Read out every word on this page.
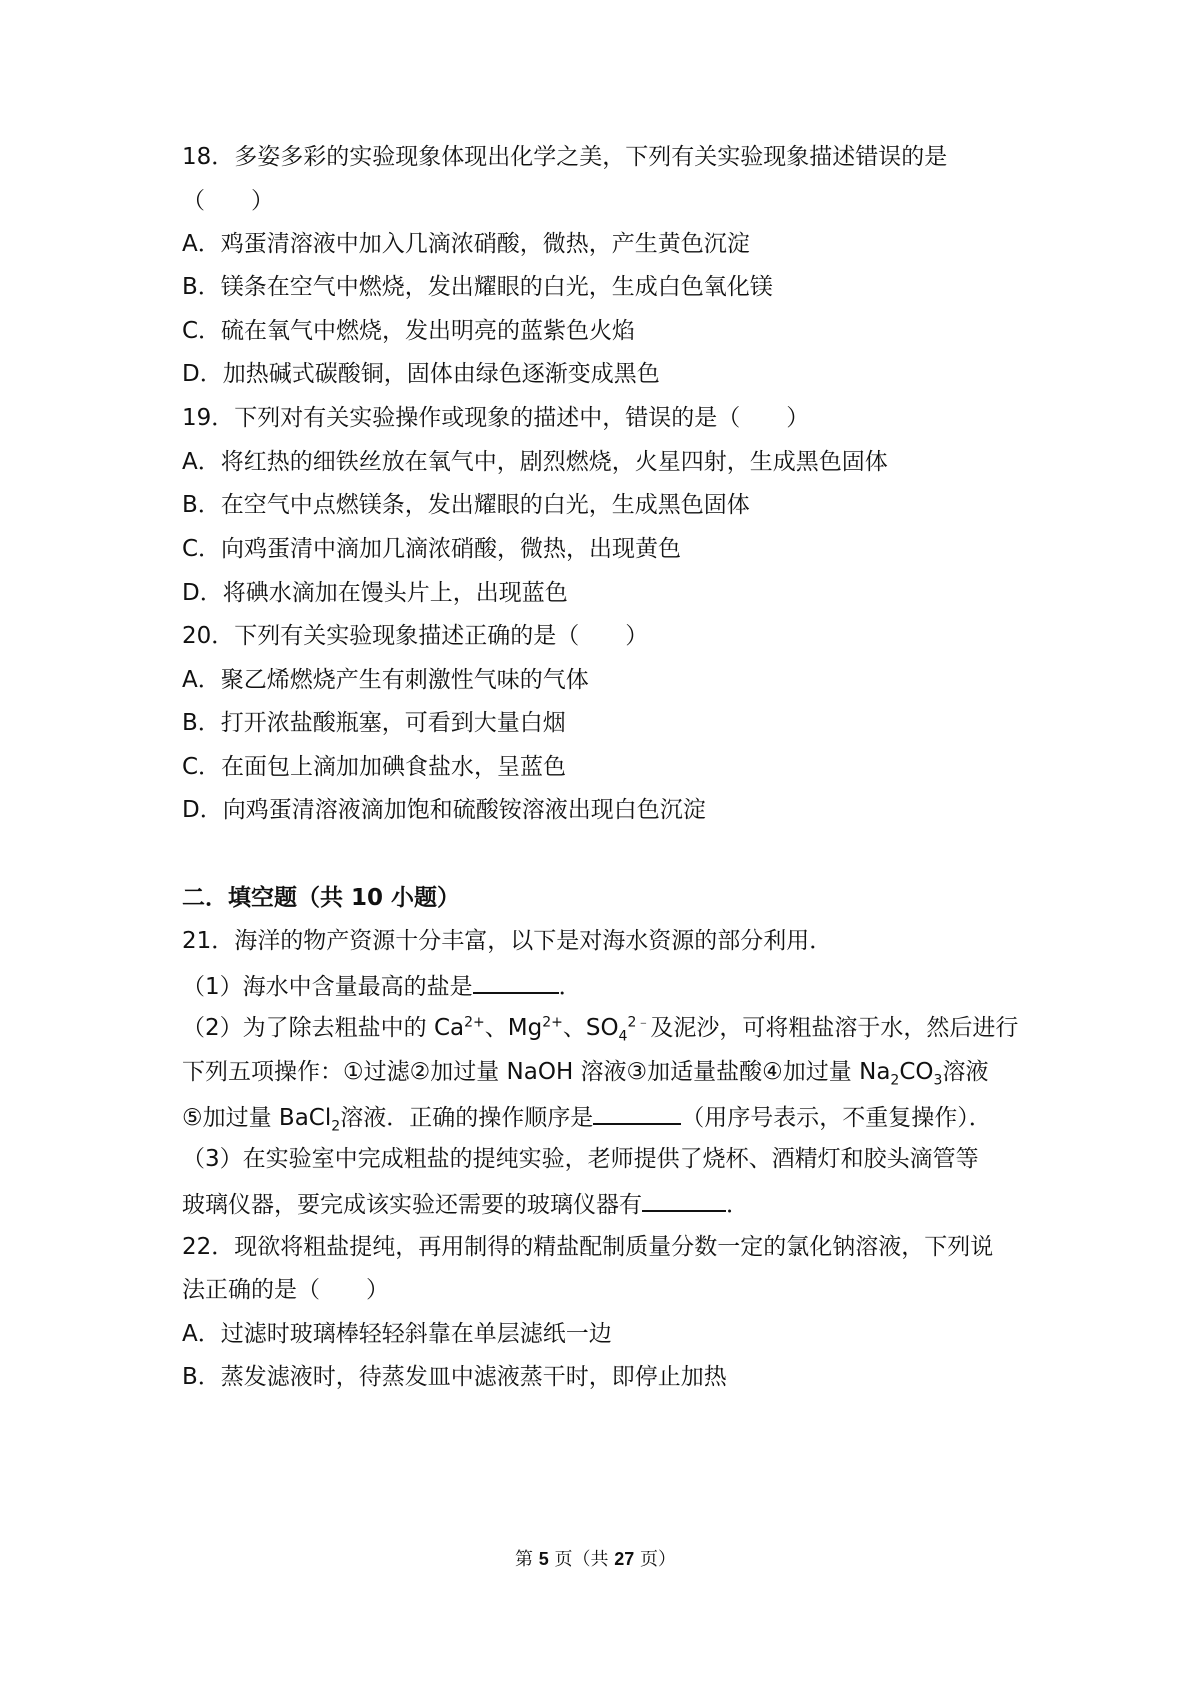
18．多姿多彩的实验现象体现出化学之美，下列有关实验现象描述错误的是
（　　）
A．鸡蛋清溶液中加入几滴浓硝酸，微热，产生黄色沉淀
B．镁条在空气中燃烧，发出耀眼的白光，生成白色氧化镁
C．硫在氧气中燃烧，发出明亮的蓝紫色火焰
D．加热碱式碳酸铜，固体由绿色逐渐变成黑色
19．下列对有关实验操作或现象的描述中，错误的是（　　）
A．将红热的细铁丝放在氧气中，剧烈燃烧，火星四射，生成黑色固体
B．在空气中点燃镁条，发出耀眼的白光，生成黑色固体
C．向鸡蛋清中滴加几滴浓硝酸，微热，出现黄色
D．将碘水滴加在馒头片上，出现蓝色
20．下列有关实验现象描述正确的是（　　）
A．聚乙烯燃烧产生有刺激性气味的气体
B．打开浓盐酸瓶塞，可看到大量白烟
C．在面包上滴加加碘食盐水，呈蓝色
D．向鸡蛋清溶液滴加饱和硫酸铵溶液出现白色沉淀
二．填空题（共 10 小题）
21．海洋的物产资源十分丰富，以下是对海水资源的部分利用．
（1）海水中含量最高的盐是	．
（2）为了除去粗盐中的 $Ca^{2+}$、$Mg^{2+}$、$SO_4^{2﹣}$及泥沙，可将粗盐溶于水，然后进行
下列五项操作：①过滤②加过量 NaOH 溶液③加适量盐酸④加过量 $Na_2CO_3$溶液
⑤加过量 BaCl$_2$溶液．正确的操作顺序是	（用序号表示，不重复操作）．
（3）在实验室中完成粗盐的提纯实验，老师提供了烧杯、酒精灯和胶头滴管等
玻璃仪器，要完成该实验还需要的玻璃仪器有	．
22．现欲将粗盐提纯，再用制得的精盐配制质量分数一定的氯化钠溶液，下列说
法正确的是（　　）
A．过滤时玻璃棒轻轻斜靠在单层滤纸一边
B．蒸发滤液时，待蒸发皿中滤液蒸干时，即停止加热
第 5 页（共 27 页）
